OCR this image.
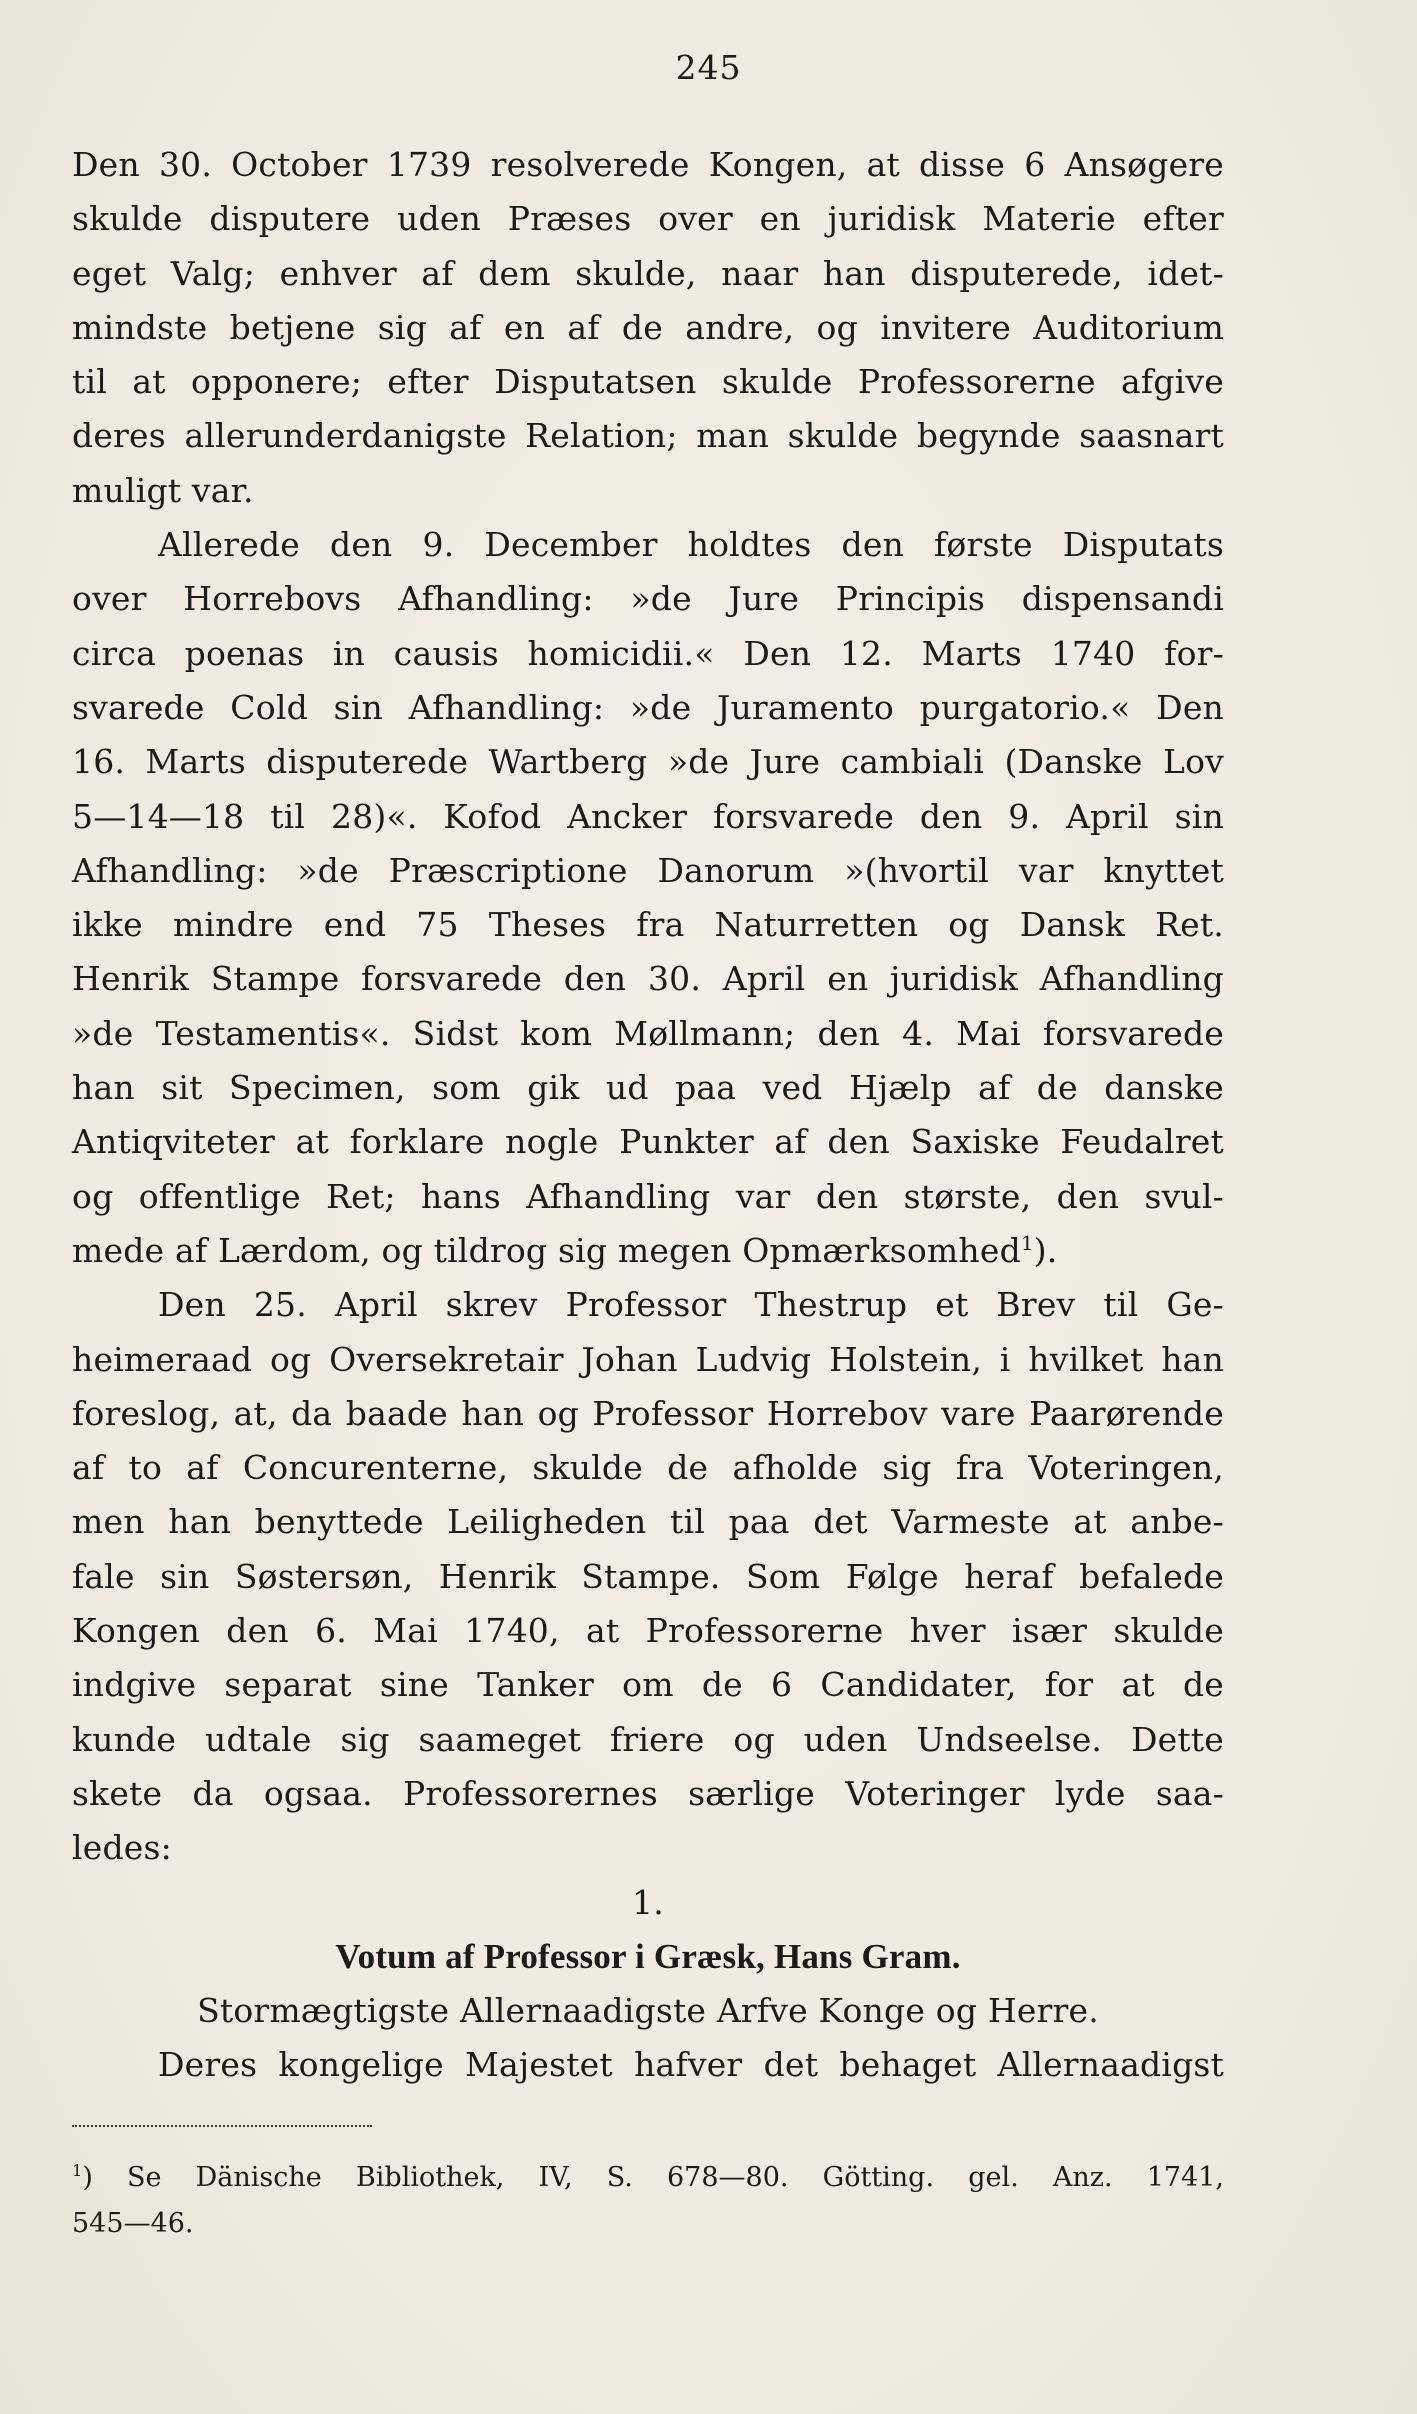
245
Den 30. October 1739 resolverede Kongen, at disse 6 Ansøgere
skulde disputere uden Præses over en juridisk Materie efter
eget Valg; enhver af dem skulde, naar han disputerede, idet-
mindste betjene sig af en af de andre, og invitere Auditorium
til at opponere; efter Disputatsen skulde Professorerne afgive
deres allerunderdanigste Relation; man skulde begynde saasnart
muligt var.
Allerede den 9. December holdtes den første Disputats
over Horrebovs Afhandling: »de Jure Principis dispensandi
circa poenas in causis homicidii.« Den 12. Marts 1740 for-
svarede Cold sin Afhandling: »de Juramento purgatorio.« Den
16. Marts disputerede Wartberg »de Jure cambiali (Danske Lov
5—14—18 til 28)«. Kofod Ancker forsvarede den 9. April sin
Afhandling: »de Præscriptione Danorum »(hvortil var knyttet
ikke mindre end 75 Theses fra Naturretten og Dansk Ret.
Henrik Stampe forsvarede den 30. April en juridisk Afhandling
»de Testamentis«. Sidst kom Møllmann; den 4. Mai forsvarede
han sit Specimen, som gik ud paa ved Hjælp af de danske
Antiqviteter at forklare nogle Punkter af den Saxiske Feudalret
og offentlige Ret; hans Afhandling var den største, den svul-
mede af Lærdom, og tildrog sig megen Opmærksomhed$^1$).
Den 25. April skrev Professor Thestrup et Brev til Ge-
heimeraad og Oversekretair Johan Ludvig Holstein, i hvilket han
foreslog, at, da baade han og Professor Horrebov vare Paarørende
af to af Concurenterne, skulde de afholde sig fra Voteringen,
men han benyttede Leiligheden til paa det Varmeste at anbe-
fale sin Søstersøn, Henrik Stampe. Som Følge heraf befalede
Kongen den 6. Mai 1740, at Professorerne hver især skulde
indgive separat sine Tanker om de 6 Candidater, for at de
kunde udtale sig saameget friere og uden Undseelse. Dette
skete da ogsaa. Professorernes særlige Voteringer lyde saa-
ledes:
1.
Votum af Professor i Græsk, Hans Gram.
Stormægtigste Allernaadigste Arfve Konge og Herre.
Deres kongelige Majestet hafver det behaget Allernaadigst
$^1$) Se Dänische Bibliothek, IV, S. 678—80. Götting. gel. Anz. 1741,
545—46.
